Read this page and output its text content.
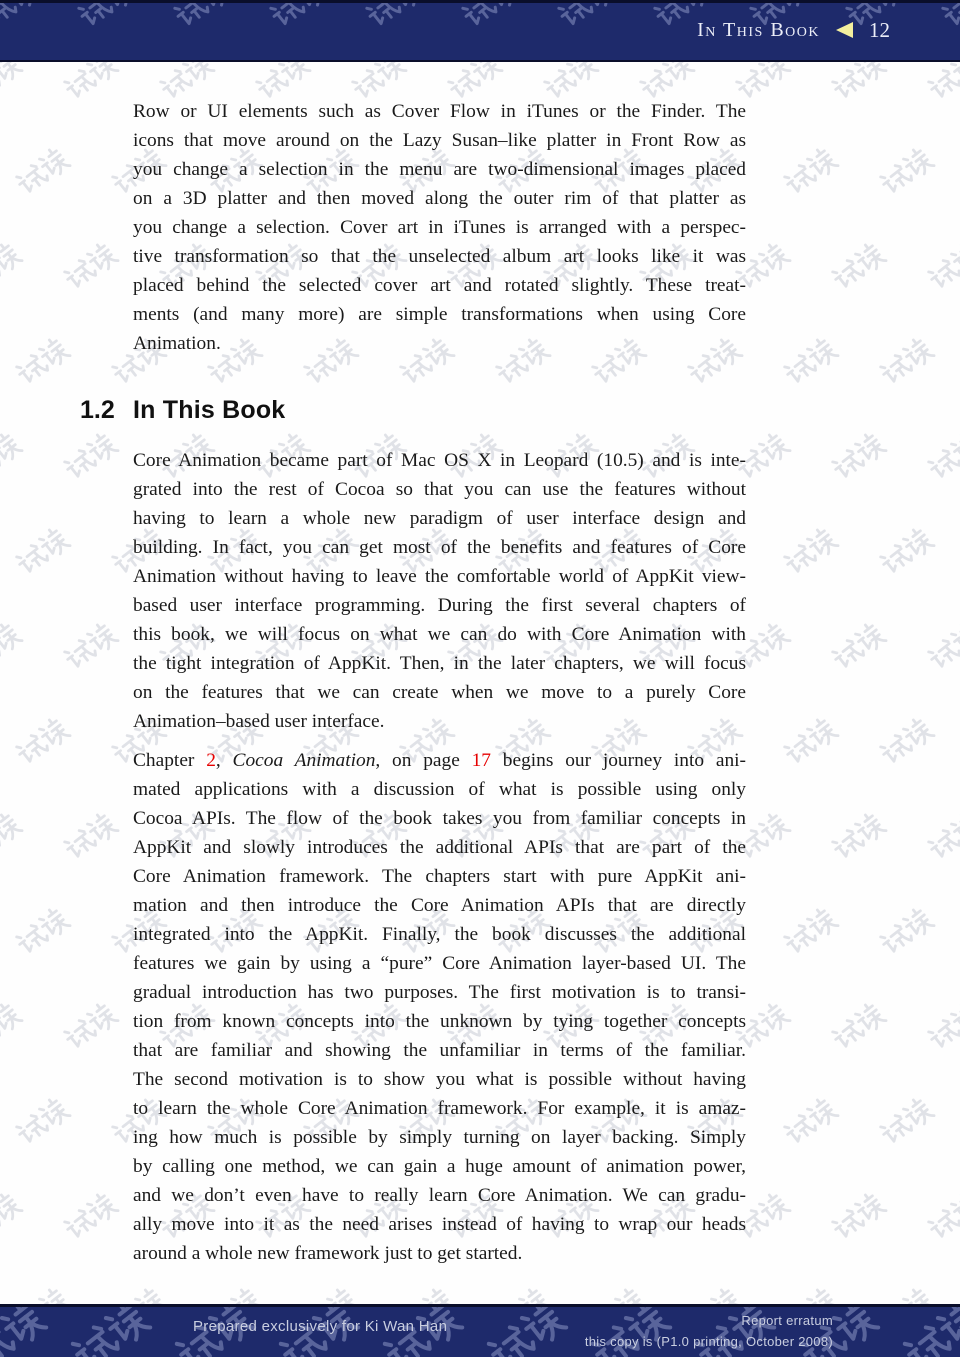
In This Book 12
Row or UI elements such as Cover Flow in iTunes or the Finder. The
icons that move around on the Lazy Susan–like platter in Front Row as
you change a selection in the menu are two-dimensional images placed
on a 3D platter and then moved along the outer rim of that platter as
you change a selection. Cover art in iTunes is arranged with a perspec-
tive transformation so that the unselected album art looks like it was
placed behind the selected cover art and rotated slightly. These treat-
ments (and many more) are simple transformations when using Core
Animation.
1.2 In This Book
Core Animation became part of Mac OS X in Leopard (10.5) and is inte-
grated into the rest of Cocoa so that you can use the features without
having to learn a whole new paradigm of user interface design and
building. In fact, you can get most of the benefits and features of Core
Animation without having to leave the comfortable world of AppKit view-
based user interface programming. During the first several chapters of
this book, we will focus on what we can do with Core Animation with
the tight integration of AppKit. Then, in the later chapters, we will focus
on the features that we can create when we move to a purely Core
Animation–based user interface.
Chapter 2, Cocoa Animation, on page 17 begins our journey into ani-
mated applications with a discussion of what is possible using only
Cocoa APIs. The flow of the book takes you from familiar concepts in
AppKit and slowly introduces the additional APIs that are part of the
Core Animation framework. The chapters start with pure AppKit ani-
mation and then introduce the Core Animation APIs that are directly
integrated into the AppKit. Finally, the book discusses the additional
features we gain by using a “pure” Core Animation layer-based UI. The
gradual introduction has two purposes. The first motivation is to transi-
tion from known concepts into the unknown by tying together concepts
that are familiar and showing the unfamiliar in terms of the familiar.
The second motivation is to show you what is possible without having
to learn the whole Core Animation framework. For example, it is amaz-
ing how much is possible by simply turning on layer backing. Simply
by calling one method, we can gain a huge amount of animation power,
and we don’t even have to really learn Core Animation. We can gradu-
ally move into it as the need arises instead of having to wrap our heads
around a whole new framework just to get started.
Prepared exclusively for Ki Wan Han	Report erratum
this copy is (P1.0 printing, October 2008)
